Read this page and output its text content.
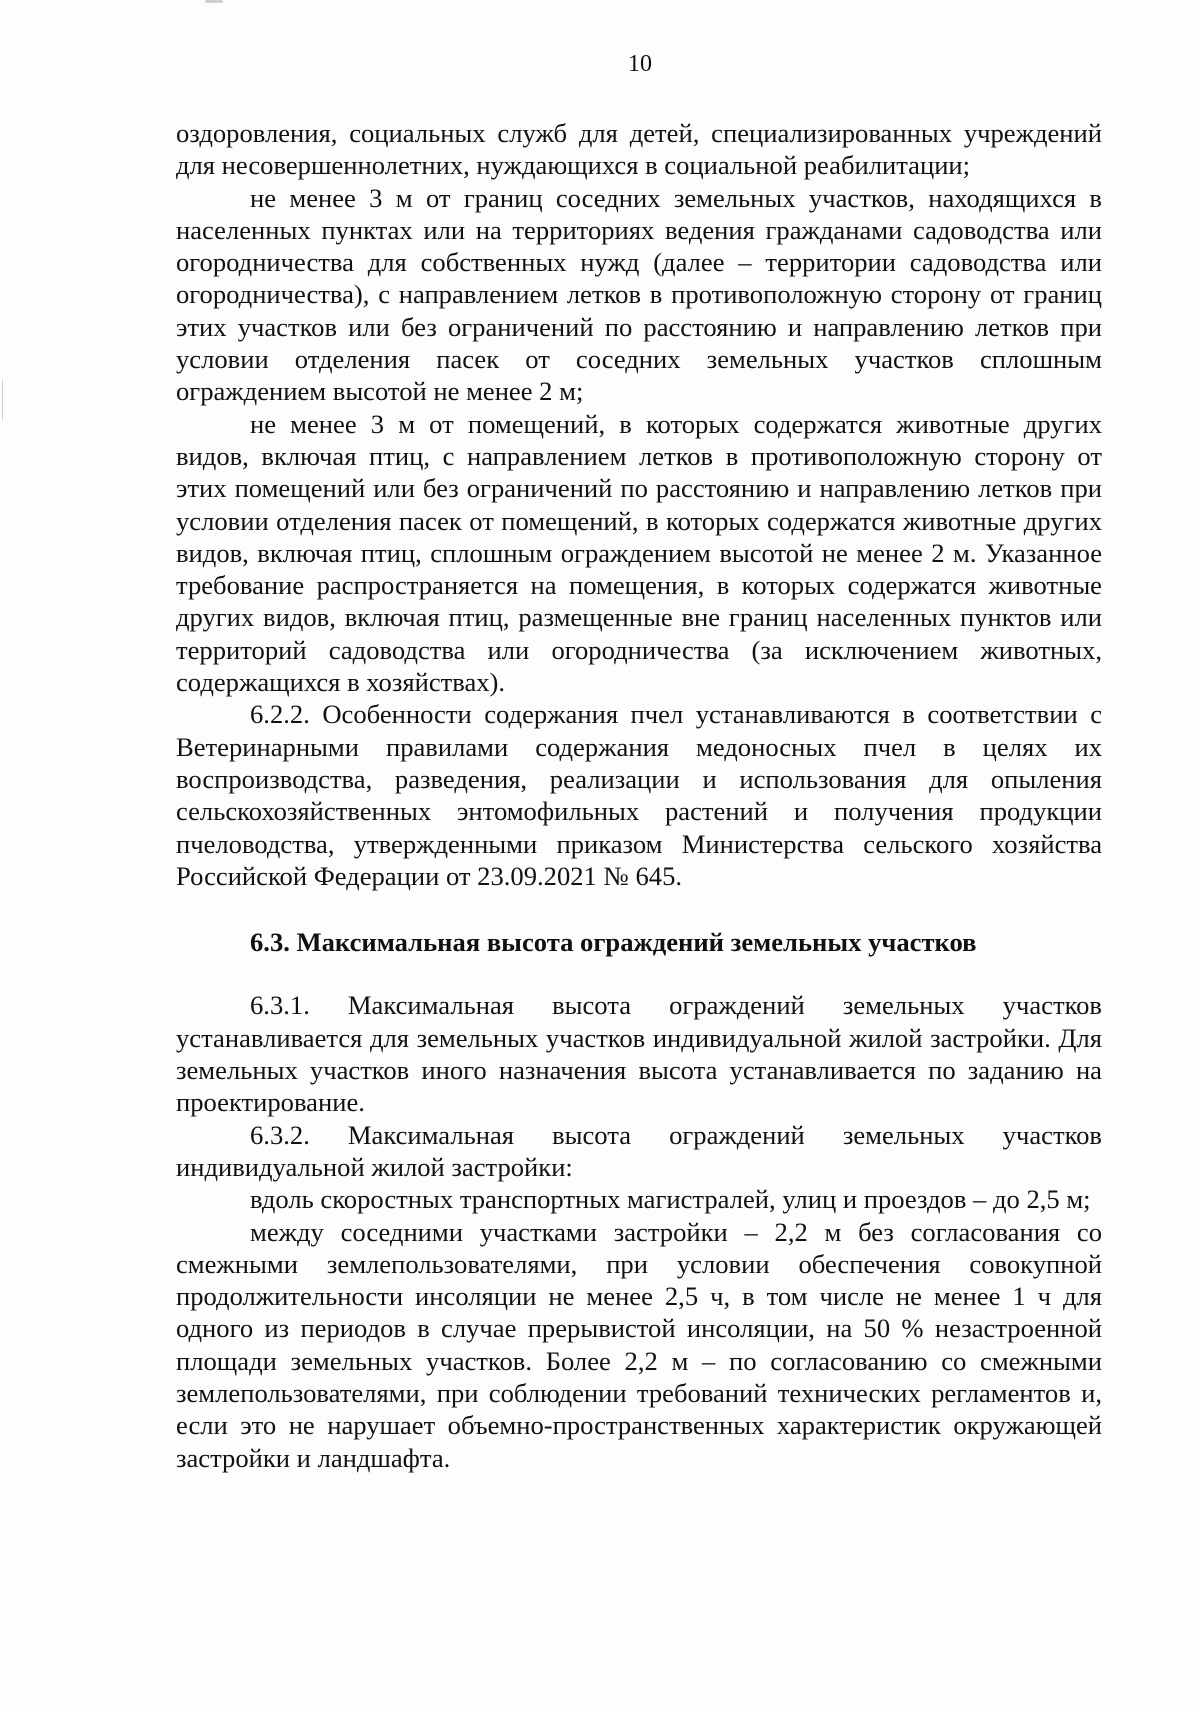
10

оздоровления, социальных служб для детей, специализированных учреждений для несовершеннолетних, нуждающихся в социальной реабилитации;

не менее 3 м от границ соседних земельных участков, находящихся в населенных пунктах или на территориях ведения гражданами садоводства или огородничества для собственных нужд (далее – территории садоводства или огородничества), с направлением летков в противоположную сторону от границ этих участков или без ограничений по расстоянию и направлению летков при условии отделения пасек от соседних земельных участков сплошным ограждением высотой не менее 2 м;

не менее 3 м от помещений, в которых содержатся животные других видов, включая птиц, с направлением летков в противоположную сторону от этих помещений или без ограничений по расстоянию и направлению летков при условии отделения пасек от помещений, в которых содержатся животные других видов, включая птиц, сплошным ограждением высотой не менее 2 м. Указанное требование распространяется на помещения, в которых содержатся животные других видов, включая птиц, размещенные вне границ населенных пунктов или территорий садоводства или огородничества (за исключением животных, содержащихся в хозяйствах).

6.2.2. Особенности содержания пчел устанавливаются в соответствии с Ветеринарными правилами содержания медоносных пчел в целях их воспроизводства, разведения, реализации и использования для опыления сельскохозяйственных энтомофильных растений и получения продукции пчеловодства, утвержденными приказом Министерства сельского хозяйства Российской Федерации от 23.09.2021 № 645.

6.3. Максимальная высота ограждений земельных участков

6.3.1. Максимальная высота ограждений земельных участков устанавливается для земельных участков индивидуальной жилой застройки. Для земельных участков иного назначения высота устанавливается по заданию на проектирование.

6.3.2. Максимальная высота ограждений земельных участков индивидуальной жилой застройки:

вдоль скоростных транспортных магистралей, улиц и проездов – до 2,5 м;

между соседними участками застройки – 2,2 м без согласования со смежными землепользователями, при условии обеспечения совокупной продолжительности инсоляции не менее 2,5 ч, в том числе не менее 1 ч для одного из периодов в случае прерывистой инсоляции, на 50 % незастроенной площади земельных участков. Более 2,2 м – по согласованию со смежными землепользователями, при соблюдении требований технических регламентов и, если это не нарушает объемно-пространственных характеристик окружающей застройки и ландшафта.
